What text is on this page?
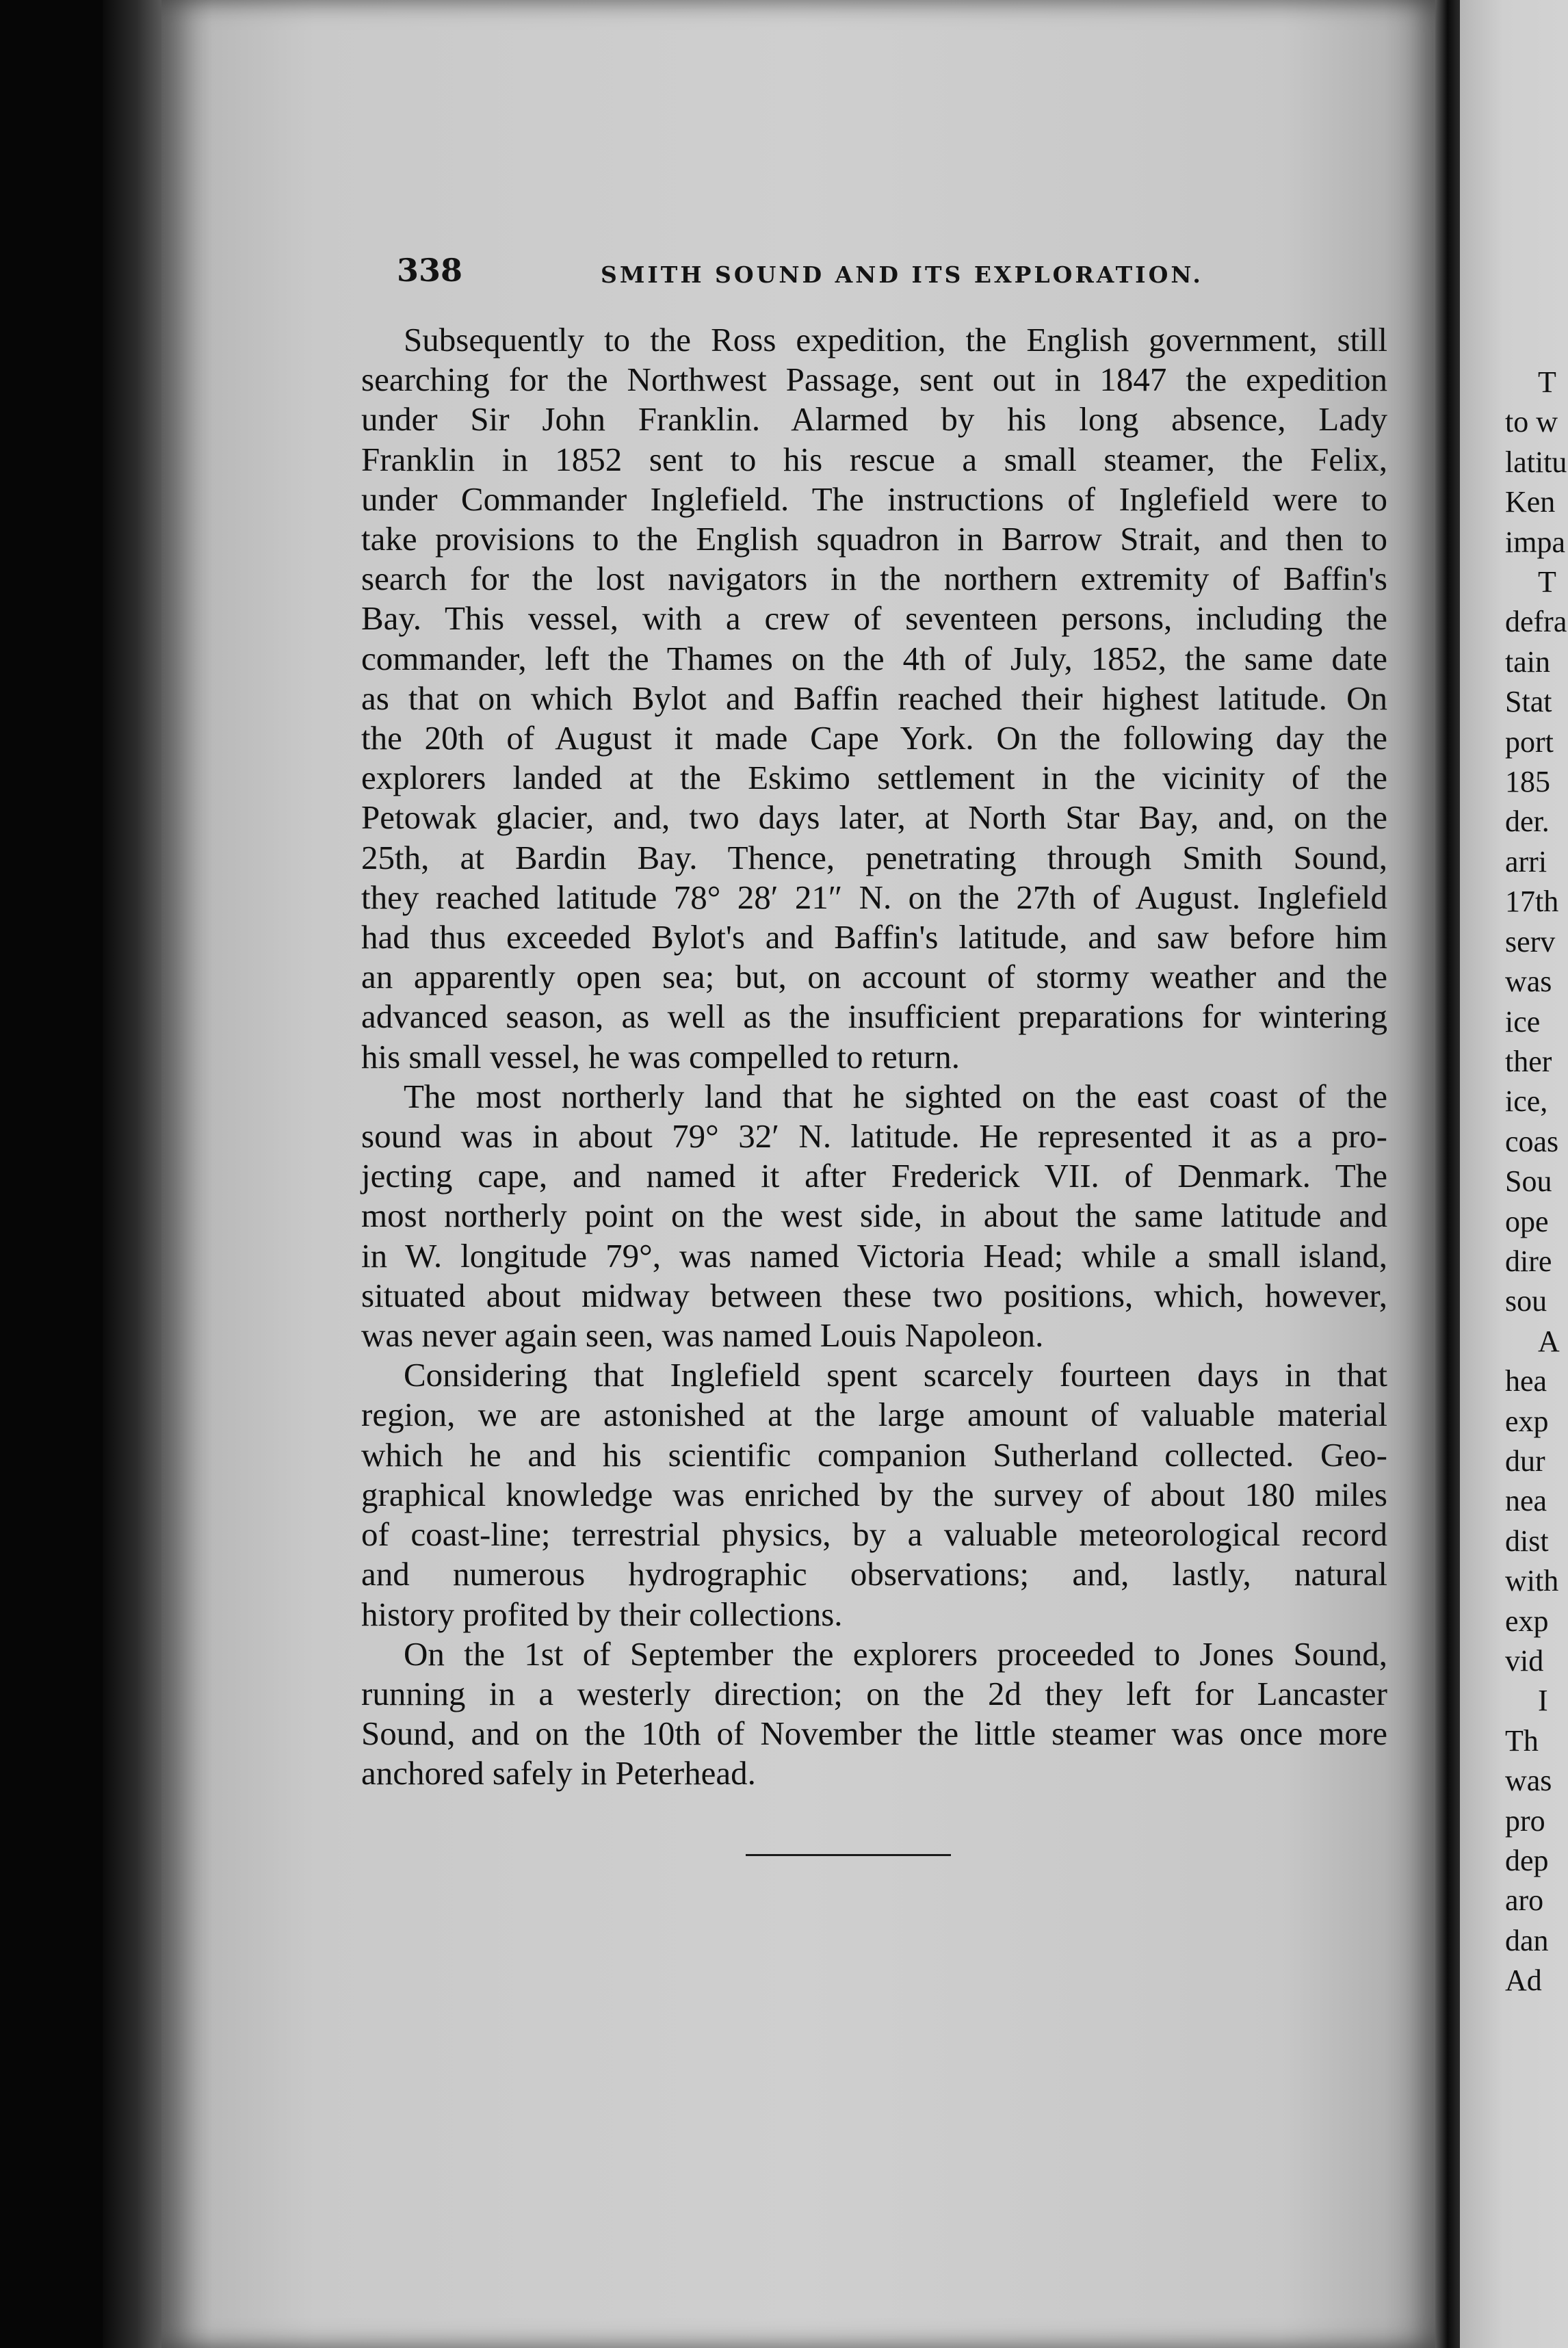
338	SMITH SOUND AND ITS EXPLORATION.

Subsequently to the Ross expedition, the English government, still
searching for the Northwest Passage, sent out in 1847 the expedition
under Sir John Franklin. Alarmed by his long absence, Lady
Franklin in 1852 sent to his rescue a small steamer, the Felix,
under Commander Inglefield. The instructions of Inglefield were to
take provisions to the English squadron in Barrow Strait, and then to
search for the lost navigators in the northern extremity of Baffin's
Bay. This vessel, with a crew of seventeen persons, including the
commander, left the Thames on the 4th of July, 1852, the same date
as that on which Bylot and Baffin reached their highest latitude. On
the 20th of August it made Cape York. On the following day the
explorers landed at the Eskimo settlement in the vicinity of the
Petowak glacier, and, two days later, at North Star Bay, and, on the
25th, at Bardin Bay. Thence, penetrating through Smith Sound,
they reached latitude 78° 28′ 21″ N. on the 27th of August. Inglefield
had thus exceeded Bylot's and Baffin's latitude, and saw before him
an apparently open sea; but, on account of stormy weather and the
advanced season, as well as the insufficient preparations for wintering
his small vessel, he was compelled to return.

The most northerly land that he sighted on the east coast of the
sound was in about 79° 32′ N. latitude. He represented it as a pro-
jecting cape, and named it after Frederick VII. of Denmark. The
most northerly point on the west side, in about the same latitude and
in W. longitude 79°, was named Victoria Head; while a small island,
situated about midway between these two positions, which, however,
was never again seen, was named Louis Napoleon.

Considering that Inglefield spent scarcely fourteen days in that
region, we are astonished at the large amount of valuable material
which he and his scientific companion Sutherland collected. Geo-
graphical knowledge was enriched by the survey of about 180 miles
of coast-line; terrestrial physics, by a valuable meteorological record
and numerous hydrographic observations; and, lastly, natural
history profited by their collections.

On the 1st of September the explorers proceeded to Jones Sound,
running in a westerly direction; on the 2d they left for Lancaster
Sound, and on the 10th of November the little steamer was once more
anchored safely in Peterhead.

T
to w
latitu
Ken
impa
T
defra
tain
Stat
port
185
der.
arri
17th
serv
was
ice
ther
ice,
coas
Sou
ope
dire
sou
A
hea
exp
dur
nea
dist
with
exp
vid
I
Th
was
pro
dep
aro
dan
Ad
